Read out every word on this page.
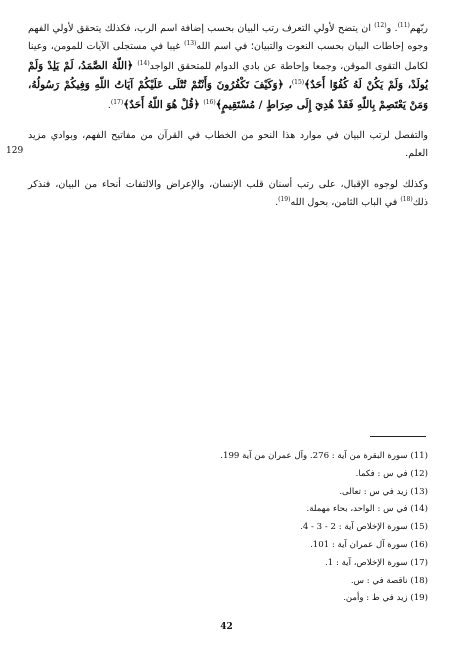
ربّهم$^{(11)}$. و$^{(12)}$ ان يتضح لأولي التعرف رتب البيان بحسب إضافة اسم الرب، فكذلك يتحقق لأولي الفهم وجوه إحاطات البيان بحسب النعوت والتبيان؛ في اسم الله$^{(13)}$ غيبا في مستجلى الآيات للمومن، وعينا لكامل التقوى الموقن، وجمعا وإحاطة عن بادي الدوام للمتحقق الواجد$^{(14)}$ ﴿اللّهُ الصَّمَدُ، لَمْ يَلِدْ وَلَمْ يُولَدْ، وَلَمْ يَكُنْ لَهُ كُفُوًا أَحَدٌ﴾$^{(15)}$، ﴿وَكَيْفَ تَكْفُرُونَ وَأَنْتُمْ تُتْلَى عَلَيْكُمْ آيَاتُ اللّهِ وَفِيكُمْ رَسُولُهُ، وَمَنْ يَعْتَصِمْ بِاللّهِ فَقَدْ هُدِيَ إِلَى صِرَاطٍ / مُسْتَقِيمٍ﴾$^{(16)}$ ﴿قُلْ هُوَ اللّهُ أَحَدٌ﴾$^{(17)}$.

والتفصل لرتب البيان في موارد هذا النحو من الخطاب في القرآن من مفاتيح الفهم، وبوادي مزيد العلم.

وكذلك لوجوه الإقبال، على رتب أسنان قلب الإنسان، والإعراض والالتفات أنحاء من البيان، فنذكر ذلك$^{(18)}$ في الباب الثامن، بحول الله$^{(19)}$.

129
(11) سورة البقرة من آية : 276. وآل عمران من آية 199.
(12) في س : فكما.
(13) زيد في س : تعالى.
(14) في س : الواحد، بحاء مهملة.
(15) سورة الإخلاص آية : 2 - 3 - 4.
(16) سورة آل عمران آية : 101.
(17) سورة الإخلاص، آية : 1.
(18) ناقصة في : س.
(19) زيد في ط : وأمن.
42
